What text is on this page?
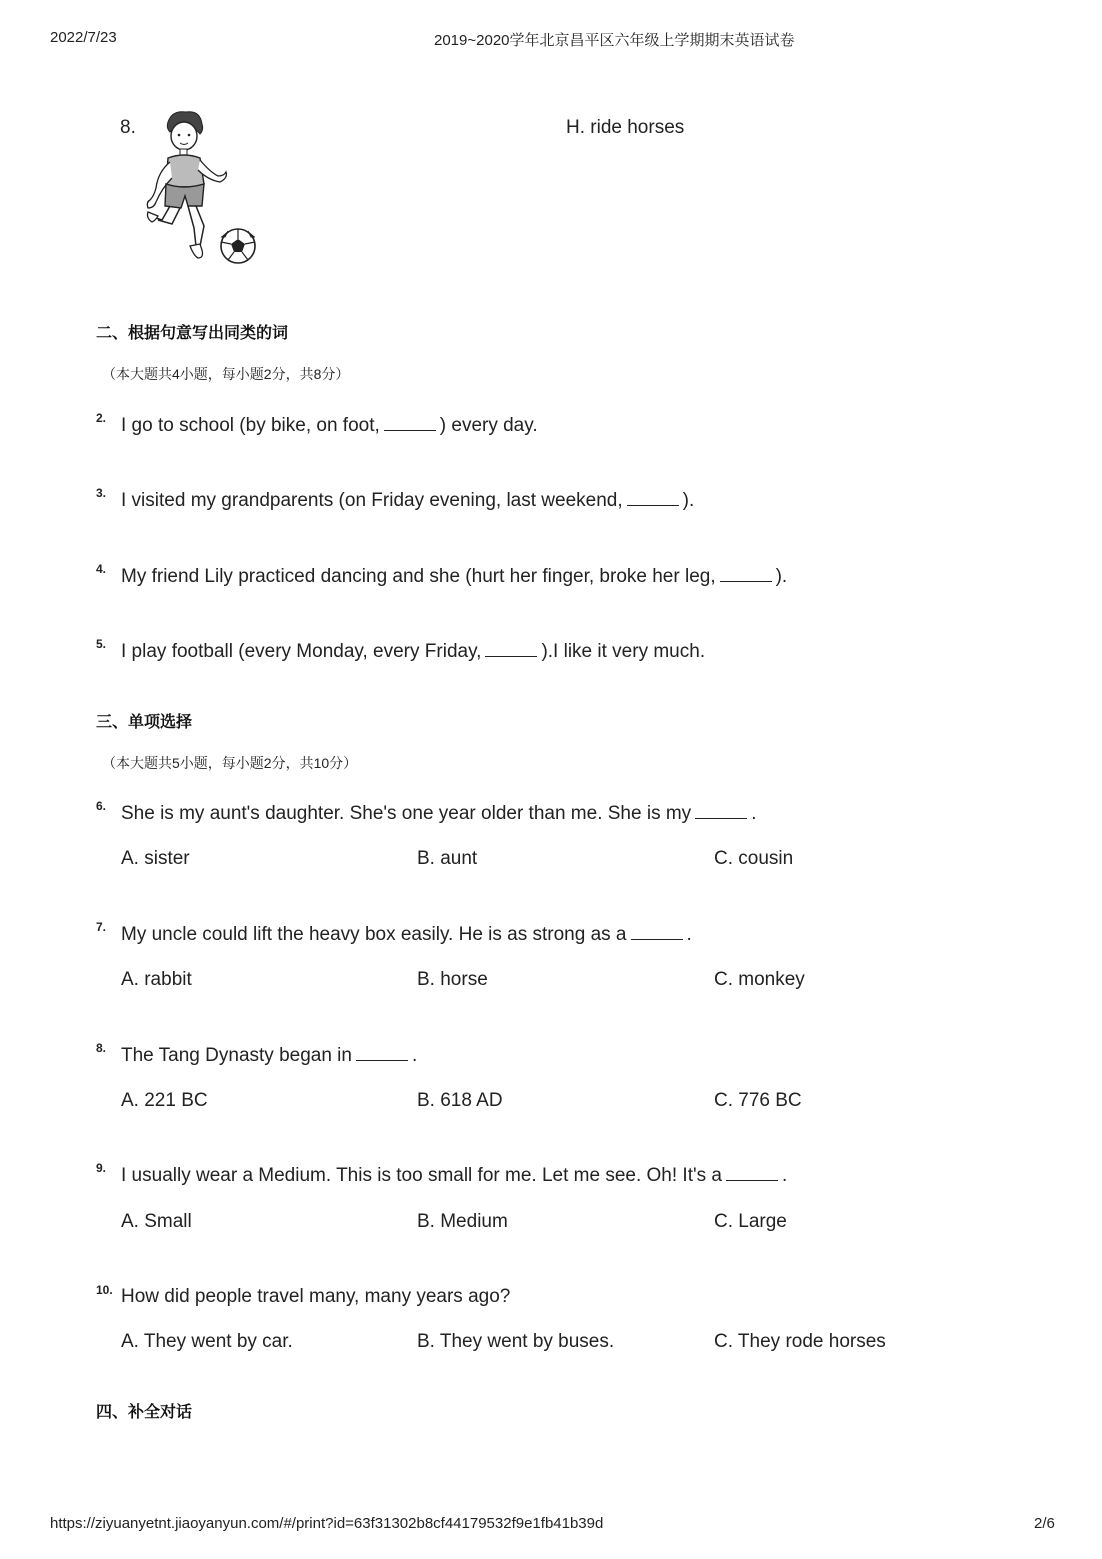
2022/7/23	2019~2020学年北京昌平区六年级上学期期末英语试卷
8.	H. ride horses
二、根据句意写出同类的词
（本大题共4小题，每小题2分，共8分）
2. I go to school (by bike, on foot,	) every day.
3. I visited my grandparents (on Friday evening, last weekend,	).
4. My friend Lily practiced dancing and she (hurt her finger, broke her leg,	).
5. I play football (every Monday, every Friday,	).I like it very much.
三、单项选择
（本大题共5小题，每小题2分，共10分）
6. She is my aunt's daughter. She's one year older than me. She is my	.
A. sister	B. aunt	C. cousin
7. My uncle could lift the heavy box easily. He is as strong as a	.
A. rabbit	B. horse	C. monkey
8. The Tang Dynasty began in	.
A. 221 BC	B. 618 AD	C. 776 BC
9. I usually wear a Medium. This is too small for me. Let me see. Oh! It's a	.
A. Small	B. Medium	C. Large
10. How did people travel many, many years ago?
A. They went by car.	B. They went by buses.	C. They rode horses
四、补全对话
https://ziyuanyetnt.jiaoyanyun.com/#/print?id=63f31302b8cf44179532f9e1fb41b39d	2/6
